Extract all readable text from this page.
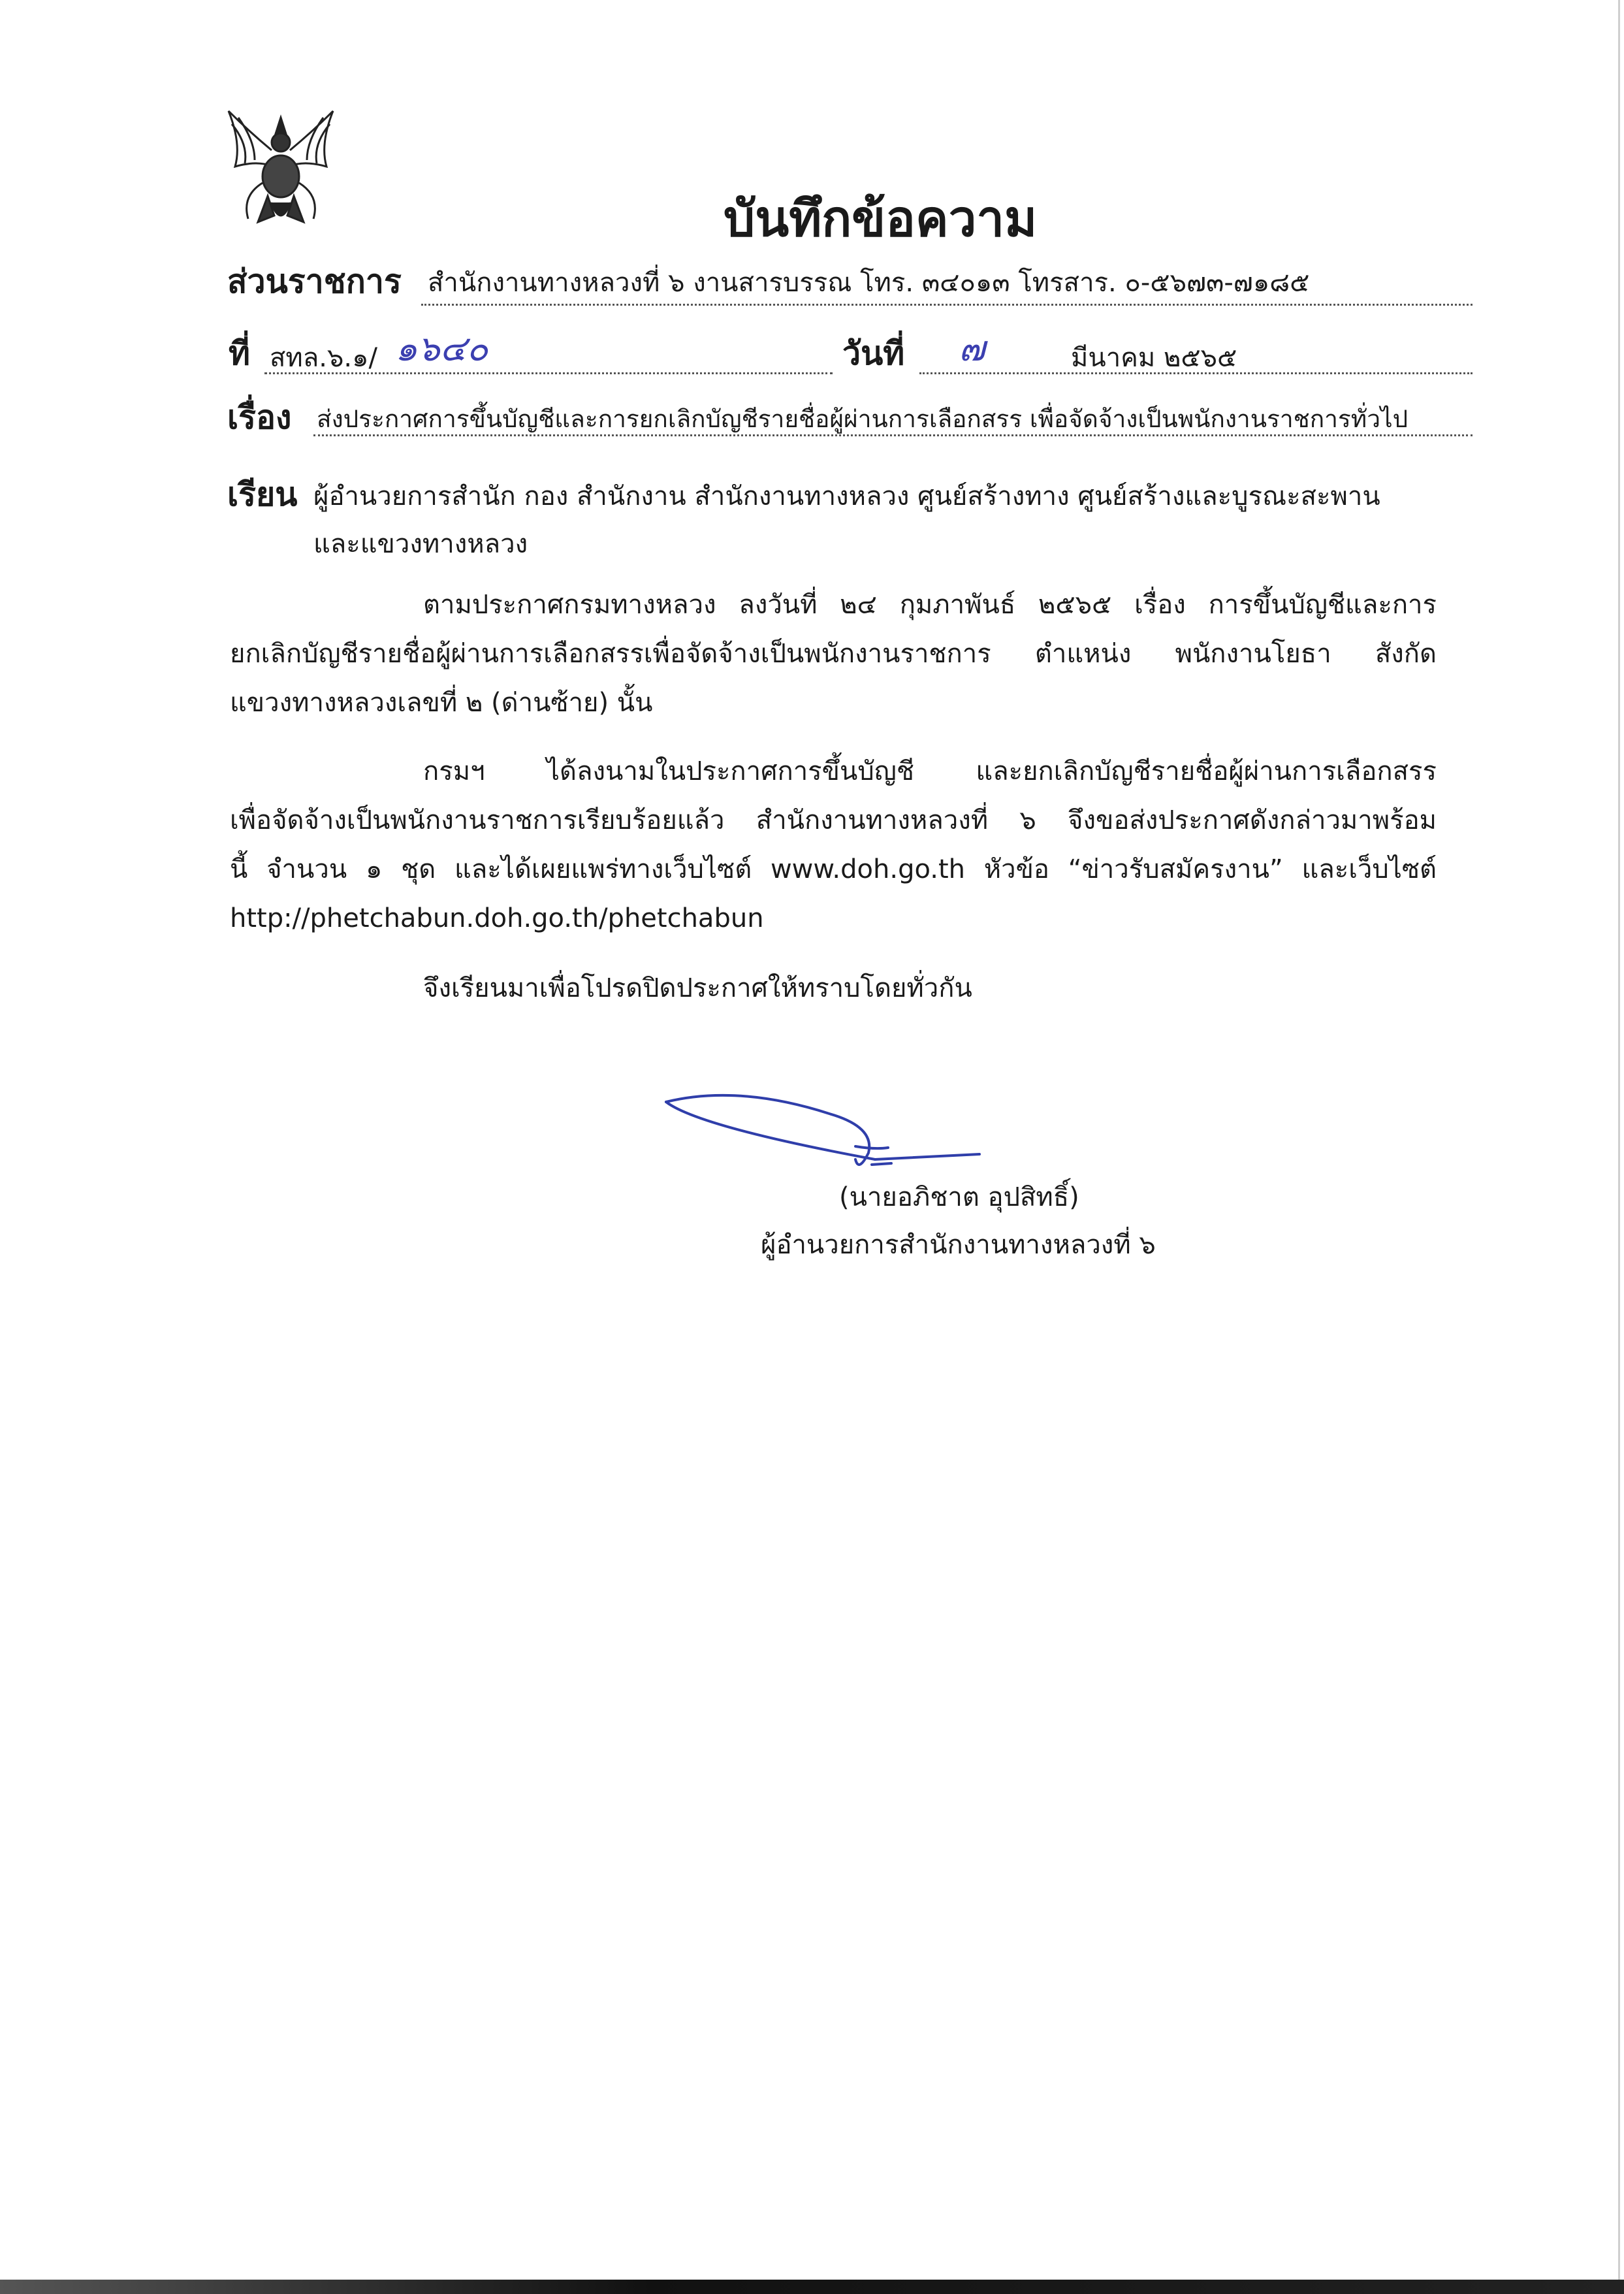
บันทึกข้อความ
ส่วนราชการ สำนักงานทางหลวงที่ ๖ งานสารบรรณ โทร. ๓๔๐๑๓ โทรสาร. ๐-๕๖๗๓-๗๑๘๕
ที่ สทล.๖.๑/ ๑๖๔๐	วันที่ ๗	มีนาคม ๒๕๖๕
เรื่อง ส่งประกาศการขึ้นบัญชีและการยกเลิกบัญชีรายชื่อผู้ผ่านการเลือกสรร เพื่อจัดจ้างเป็นพนักงานราชการทั่วไป
เรียน ผู้อำนวยการสำนัก กอง สำนักงาน สำนักงานทางหลวง ศูนย์สร้างทาง ศูนย์สร้างและบูรณะสะพาน
และแขวงทางหลวง
ตามประกาศกรมทางหลวง ลงวันที่ ๒๔ กุมภาพันธ์ ๒๕๖๕ เรื่อง การขึ้นบัญชีและการ
ยกเลิกบัญชีรายชื่อผู้ผ่านการเลือกสรรเพื่อจัดจ้างเป็นพนักงานราชการ ตำแหน่ง พนักงานโยธา สังกัด
แขวงทางหลวงเลขที่ ๒ (ด่านซ้าย) นั้น
กรมฯ ได้ลงนามในประกาศการขึ้นบัญชี และยกเลิกบัญชีรายชื่อผู้ผ่านการเลือกสรร
เพื่อจัดจ้างเป็นพนักงานราชการเรียบร้อยแล้ว สำนักงานทางหลวงที่ ๖ จึงขอส่งประกาศดังกล่าวมาพร้อม
นี้ จำนวน ๑ ชุด และได้เผยแพร่ทางเว็บไซต์ www.doh.go.th หัวข้อ “ข่าวรับสมัครงาน” และเว็บไซต์
http://phetchabun.doh.go.th/phetchabun
จึงเรียนมาเพื่อโปรดปิดประกาศให้ทราบโดยทั่วกัน
(นายอภิชาต อุปสิทธิ์)
ผู้อำนวยการสำนักงานทางหลวงที่ ๖
